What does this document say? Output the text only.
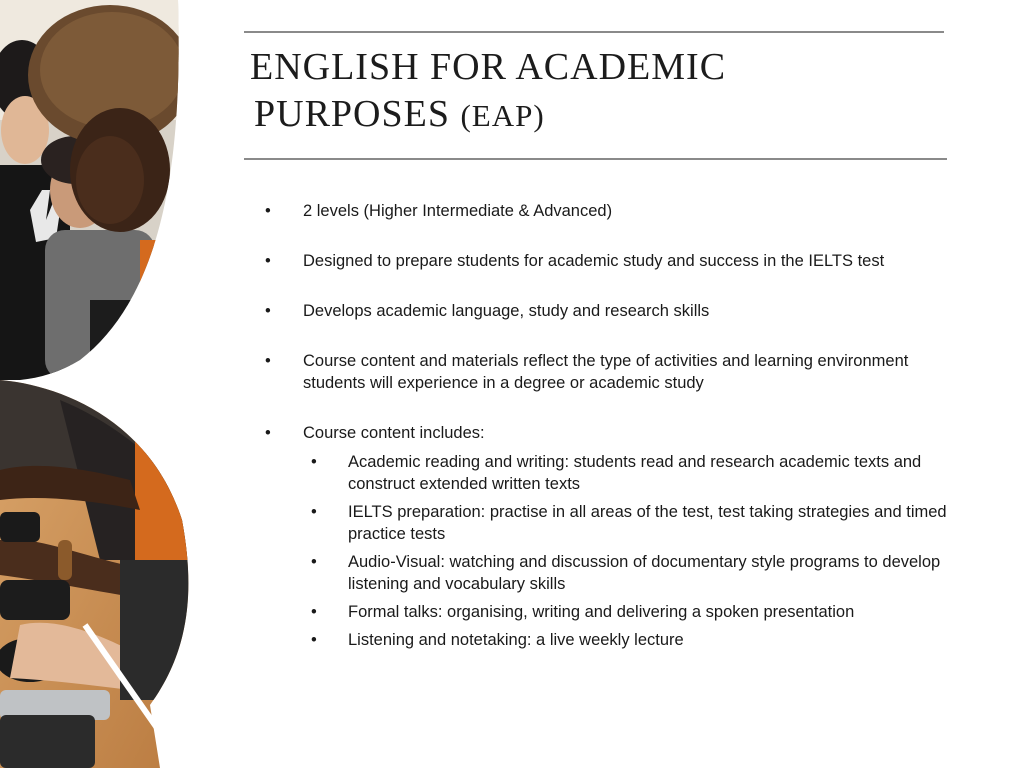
ENGLISH FOR ACADEMIC
PURPOSES (EAP)
•	2 levels (Higher Intermediate & Advanced)
•	Designed to prepare students for academic study and success in the IELTS test
•	Develops academic language, study and research skills
•	Course content and materials reflect the type of activities and learning environment students will experience in a degree or academic study
•	Course content includes:
•	Academic reading and writing: students read and research academic texts and construct extended written texts
•	IELTS preparation: practise in all areas of the test, test taking strategies and timed practice tests
•	Audio-Visual: watching and discussion of documentary style programs to develop listening and vocabulary skills
•	Formal talks: organising, writing and delivering a spoken presentation
•	Listening and notetaking: a live weekly lecture
